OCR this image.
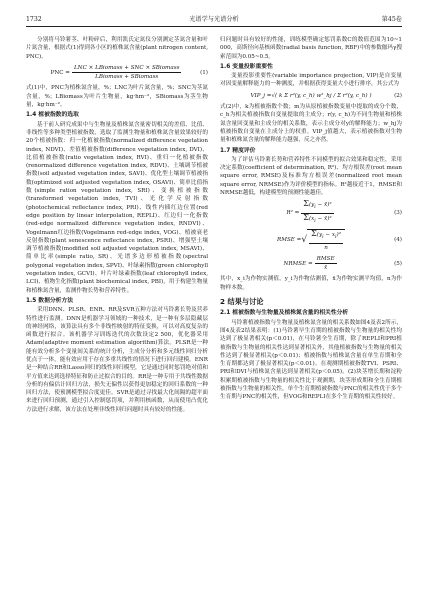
1732	光谱学与光谱分析	第45卷

分别将马铃薯茎、叶粉碎后，利用凯氏定氮仪分别测定茎氮含量和叶片氮含量，根据式(1)得到各小区的植株氮含量(plant nitrogen content, PNC)。

PNC = $\frac{\text{LNC × LBiomass + SNC × SBiomass}}{\text{LBiomass + SBiomass}}$	(1)

式(1)中，PNC为植株氮含量，%；LNC为叶片氮含量，%；SNC为茎氮含量，%；LBiomass为叶片生物量，kg·hm⁻²，SBiomass为茎生物量，kg·hm⁻²。

1.4 植被指数的选取

基于前人研究成果中与生物量及植株氮含量密切相关的差值、比值、非线性等多种类型植被指数，选取了监测生物量和植株氮含量效果较好的20个植被指数：归一化植被指数(normalized difference vegetation index, NDVI)、差值植被指数(difference vegetation index, DVI)、比值植被指数(ratio vegetation index, RVI)、重归一化植被指数(renormalized difference vegetation index, RDVI)、土壤调节植被指数(soil adjusted vegetation index, SAVI)、优化型土壤调节植被指数(optimized soil adjusted vegetation index, OSAVI)、简单比值指数(simple ration vegetation index, SRI)、变换植被指数(transformed vegetation index, TVI)、光化学反射指数(photochemical reflectance index, PRI)、线性内插红边位置(red edge position by linear interpolation, REPLI)、红边归一化指数(red-edge normalized difference vegetation index, RNDVI)、Vogelmann红边指数(Vogelmann red-edge index, VOG)、植被衰老反射指数(plant senescence reflectance index, PSRI)、增强型土壤调节植被指数(modified soil adjusted vegetation index, MSAVI)、简单比率(simple ratio, SR)、光谱多边形植被指数(spectral polygonal vegetation index, SPVI)、叶绿素指数(green chlorophyll vegetation index, GCVI)、叶片叶绿素指数(leaf chlorophyll index, LCI)、植物生化指数(plant biochemical index, PBI)，用于构建生物量和植株氮含量，监测作物长势和营养特性。

1.5 数据分析方法

采用DNN、PLSR、ENR、RR及SVR五种方法对马铃薯长势及营养特性进行监测。DNN是机器学习领域的一种技术，是一种有多层隐藏层的神经网络，该算法具有多个非线性映射的特征变换，可以对高度复杂的函数进行拟合。该机器学习训练迭代的次数设定2 500，优化器采用Adam(adaptive moment estimation algorithm)算法。PLSR是一种能有效分析多个变量间关系的统计分析，主成分分析和多元线性回归分析优点于一体，能有效应用于存在多重共线性的情况下进行回归建模。ENR是一种结合RR和Lasso回归的线性回归模型，它是通过同时惩罚绝对值和平方值来达到选择特征和防止过拟合的目的。RR是一种专用于共线性数据分析的有偏估计回归方法，损失无偏性以获得更加稳定的回归系数的一种回归方法，使预测模型拟合度更佳。SVR是通过寻找最大化间隔的超平面来进行回归预测，通过引入控制惩罚项，并利用核函数，从而使用凸优化方法进行求解，该方法在处理非线性回归问题时具有较好的性能。

归问题时具有较好的性能，训练模型确定惩罚系数C的数值范围为10~1 000，高斯径向基核函数(radial basis function, RBF)中的参数伽玛γ搜索范围为0.05~0.5。

1.6 变量投影重要性

变量投影重要性(variable importance projection, VIP)是自变量对因变量解释能力的一种测度，并根据获得变量大小进行排序，其公式为

VIP_j = √( k Σ r²(y, c_h) w²_hj / Σ r²(y, c_h) )	(2)

式(2)中，k为植被指数个数；m为从原植被指数变量中提取的成分个数，c_h为相关植被指数自变量提取的主成分；r(y, c_h)为不同生物量和植株氮含量回变量和主成分的相关系数，表示主成分对y的解释能力；w_hj为植被指数自变量在主成分上的权重。VIP_j值越大，表示植被指数对生物量和植株氮含量的解释能力越强，反之亦然。

1.7 精度评价

为了评估马铃薯长势和营养特性不同模型的拟合效果和稳定性，采用决定系数(coefficient of determination, R²)、均方根误差(root mean square error, RMSE)及标准均方根误差(normalized root mean square error, NRMSE)作为评价模型的指标。R²越接近于1，RMSE和NRMSE越低，构建模型的预测性能越佳。

$R^2 = \frac{\Sigma(y_i - x̄)^2}{\Sigma(x_i - x̄)^2}$	(3)
RMSE = √ $\frac{\Sigma(y_i - x_i)^2}{n}$	(4)
NRMSE = $\frac{\text{RMSE}}{x̄}$	(5)

其中，x_i为作物实测值，y_i为作物估测值，x̄为作物实测平均值，n为作物样本数。

2 结果与讨论
2.1 植被指数与生物量及植株氮含量的相关性分析

马铃薯植被指数与生物量及植株氮含量的相关系数如图4及表2所示，图4及表2结果表明：(1)马铃薯早生育期的植被指数与生物量的相关性均达到了极显著相关(p＜0.01)，在马铃薯全生育期，除了REPLI和PRI植被指数与生物量的相关性达到显著相关外，其他植被指数与生物量的相关性达到了极显著相关(p＜0.01)；植被指数与植株氮含量在单生育期和全生育期都达到了极显著相关(p＜0.01)。在观测期植被指数TVI、PSRI、PRI和DVI与植株氮含量达到显著相关(p＜0.05)。(2)块茎增长期和淀粉积累期植被指数与生物量的相关性比于观测期，块茎形成期和全生育期植被指数与生物量的相关性，单个生育期植被指数与PNC的相关性优于多个生育期与PNC的相关性，但VOG和REPLI在多个生育期的相关性较好。
